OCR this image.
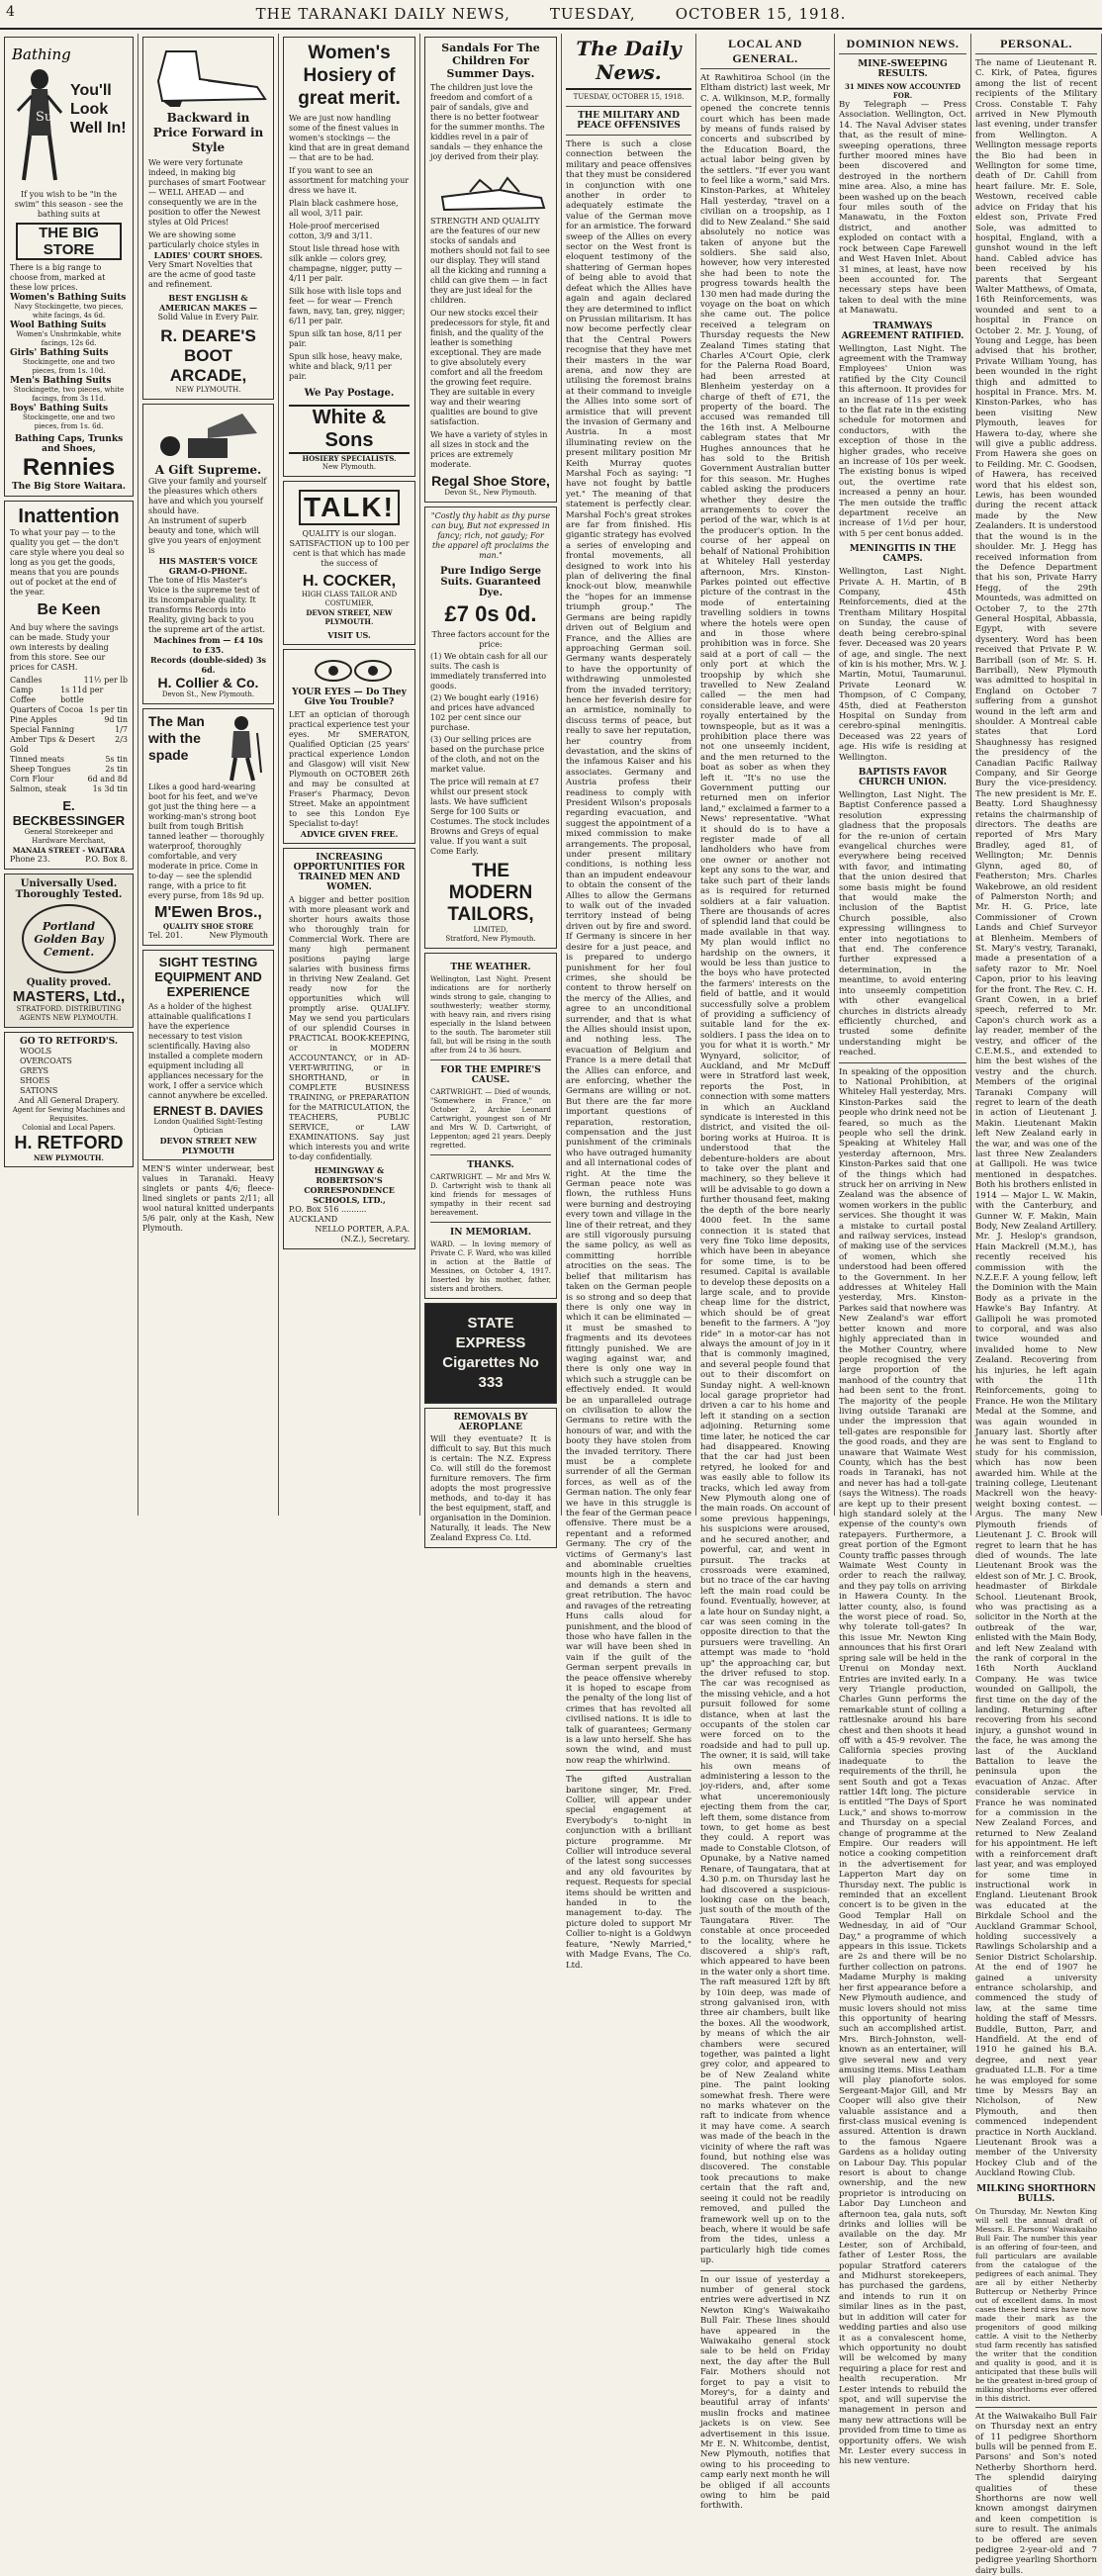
4	THE TARANAKI DAILY NEWS,	TUESDAY,	OCTOBER 15, 1918.
Bathing
Suits
You'll Look Well In!
If you wish to be "in the swim" this season - see the bathing suits at
THE BIG STORE
There is a big range to choose from, marked at these low prices.
Women's Bathing Suits
Navy Stockingette, two pieces, white facings, 4s 6d.
Wool Bathing Suits
Women's Unshrinkable, white facings, 12s 6d.
Girls' Bathing Suits
Stockingette, one and two pieces, from 1s. 10d.
Men's Bathing Suits
Stockingette, two pieces, white facings, from 3s 11d.
Boys' Bathing Suits
Stockingette, one and two pieces, from 1s. 6d.
Bathing Caps, Trunks and Shoes,
Rennies
The Big Store Waitara.
Inattention
To what your pay — to the quality you get — the don't care style where you deal so long as you get the goods, means that you are pounds out of pocket at the end of the year.
Be Keen
And buy where the savings can be made. Study your own interests by dealing from this store. See our prices for CASH.
Candles	11½ per lb
Camp Coffee
1s 11d per bottle
Quarters of Cocoa 1s per tin
Pine Apples	9d tin
Special Fanning	1/7
Amber Tips & Desert Gold
2/3
Tinned meats	5s tin
Sheep Tongues	2s tin
Corn Flour	6d and 8d
Salmon, steak	1s 3d tin
E. BECKBESSINGER
General Storekeeper and Hardware Merchant,
MANAIA STREET - WAITARA
Phone 23.	P.O. Box 8.
Universally Used. Thoroughly Tested.
Portland Golden Bay Cement.
Quality proved.
MASTERS, Ltd.,
STRATFORD. DISTRIBUTING AGENTS NEW PLYMOUTH.
GO TO RETFORD'S.
WOOLS
OVERCOATS
GREYS
SHOES
SATIONS
And All General Drapery.
Agent for Sewing Machines and Requisites.
Colonial and Local Papers.
H. RETFORD
NEW PLYMOUTH.
Backward in Price Forward in Style
We were very fortunate indeed, in making big purchases of smart Footwear — WELL AHEAD — and consequently we are in the position to offer the Newest styles at Old Prices!
We are showing some particularly choice styles in
LADIES' COURT SHOES.
Very Smart Novelties that are the acme of good taste and refinement.
BEST ENGLISH & AMERICAN MAKES —
Solid Value in Every Pair.
R. DEARE'S BOOT ARCADE,
NEW PLYMOUTH.
A Gift Supreme.
Give your family and yourself the pleasures which others have and which you yourself should have.
An instrument of superb beauty and tone, which will give you years of enjoyment is
HIS MASTER'S VOICE GRAM-O-PHONE.
The tone of His Master's Voice is the supreme test of its incomparable quality. It transforms Records into Reality, giving back to you the supreme art of the artist.
Machines from — £4 10s to £35.
Records (double-sided) 3s 6d.
H. Collier & Co.
Devon St., New Plymouth.
The Man with the spade
Likes a good hard-wearing boot for his feet, and we've got just the thing here — a working-man's strong boot built from tough British tanned leather — thoroughly waterproof, thoroughly comfortable, and very moderate in price. Come in to-day — see the splendid range, with a price to fit every purse, from 18s 9d up.
M'Ewen Bros.,
QUALITY SHOE STORE
Tel. 201.	New Plymouth
SIGHT TESTING EQUIPMENT AND EXPERIENCE
As a holder of the highest attainable qualifications I have the experience necessary to test vision scientifically. Having also installed a complete modern equipment including all appliances necessary for the work, I offer a service which cannot anywhere be excelled.
ERNEST B. DAVIES
London Qualified Sight-Testing Optician
DEVON STREET NEW PLYMOUTH
MEN'S winter underwear, best values in Taranaki. Heavy singlets or pants 4/6; fleece-lined singlets or pants 2/11; all wool natural knitted underpants 5/6 pair, only at the Kash, New Plymouth.
Women's Hosiery of great merit.
We are just now handling some of the finest values in women's stockings — the kind that are in great demand — that are to be had.
If you want to see an assortment for matching your dress we have it.
Plain black cashmere hose, all wool, 3/11 pair.
Hole-proof mercerised cotton, 3/9 and 3/11.
Stout lisle thread hose with silk ankle — colors grey, champagne, nigger, putty — 4/11 per pair.
Silk hose with lisle tops and feet — for wear — French fawn, navy, tan, grey, nigger; 6/11 per pair.
Spun silk tan hose, 8/11 per pair.
Spun silk hose, heavy make, white and black, 9/11 per pair.
We Pay Postage.
White & Sons
HOSIERY SPECIALISTS.
New Plymouth.
TALK!
QUALITY is our slogan. SATISFACTION up to 100 per cent is that which has made the success of
H. COCKER,
HIGH CLASS TAILOR AND COSTUMIER,
DEVON STREET, NEW PLYMOUTH.
VISIT US.
YOUR EYES — Do They Give You Trouble?
LET an optician of thorough practical experience test your eyes. Mr SMERATON, Qualified Optician (25 years' practical experience London and Glasgow) will visit New Plymouth on OCTOBER 26th and may be consulted at Fraser's Pharmacy, Devon Street. Make an appointment to see this London Eye Specialist to-day!
ADVICE GIVEN FREE.
INCREASING OPPORTUNITIES FOR TRAINED MEN AND WOMEN.
A bigger and better position with more pleasant work and shorter hours awaits those who thoroughly train for Commercial Work. There are many high permanent positions paying large salaries with business firms in thriving New Zealand. Get ready now for the opportunities which will promptly arise. QUALIFY. May we send you particulars of our splendid Courses in PRACTICAL BOOK-KEEPING, or in MODERN ACCOUNTANCY, or in AD-VERT-WRITING, or in SHORTHAND, or in COMPLETE BUSINESS TRAINING, or PREPARATION for the MATRICULATION, the TEACHERS, PUBLIC SERVICE, or LAW EXAMINATIONS. Say just which interests you and write to-day confidentially.
HEMINGWAY & ROBERTSON'S CORRESPONDENCE SCHOOLS, LTD.,
P.O. Box 516 .......... AUCKLAND
NELLO PORTER, A.P.A. (N.Z.), Secretary.
Sandals For The Children For Summer Days.
The children just love the freedom and comfort of a pair of sandals, give and there is no better footwear for the summer months. The kiddies revel in a pair of sandals — they enhance the joy derived from their play.
STRENGTH AND QUALITY are the features of our new stocks of sandals and mothers should not fail to see our display. They will stand all the kicking and running a child can give them — in fact they are just ideal for the children.
Our new stocks excel their predecessors for style, fit and finish, and the quality of the leather is something exceptional. They are made to give absolutely every comfort and all the freedom the growing feet require. They are suitable in every way and their wearing qualities are bound to give satisfaction.
We have a variety of styles in all sizes in stock and the prices are extremely moderate.
Regal Shoe Store,
Devon St., New Plymouth.
"Costly thy habit as thy purse can buy, But not expressed in fancy; rich, not gaudy; For the apparel oft proclaims the man."
Pure Indigo Serge Suits. Guaranteed Dye.
£7 0s 0d.
Three factors account for the price:
(1) We obtain cash for all our suits. The cash is immediately transferred into goods.
(2) We bought early (1916) and prices have advanced 102 per cent since our purchase.
(3) Our selling prices are based on the purchase price of the cloth, and not on the market value.
The price will remain at £7 whilst our present stock lasts. We have sufficient Serge for 100 Suits or Costumes. The stock includes Browns and Greys of equal value. If you want a suit Come Early.
THE MODERN TAILORS,
LIMITED,
Stratford, New Plymouth.
THE WEATHER.
Wellington, Last Night. Present indications are for northerly winds strong to gale, changing to southwesterly; weather stormy, with heavy rain, and rivers rising especially in the Island between to the south. The barometer still fall, but will be rising in the south after from 24 to 36 hours.
FOR THE EMPIRE'S CAUSE.
CARTWRIGHT. — Died of wounds, "Somewhere in France," on October 2, Archie Leonard Cartwright, youngest son of Mr and Mrs W. D. Cartwright, of Leppenton; aged 21 years. Deeply regretted.
THANKS.
CARTWRIGHT. — Mr and Mrs W. D. Cartwright wish to thank all kind friends for messages of sympathy in their recent sad bereavement.
IN MEMORIAM.
WARD. — In loving memory of Private C. F. Ward, who was killed in action at the Battle of Messines, on October 4, 1917. Inserted by his mother, father, sisters and brothers.
STATE EXPRESS Cigarettes No 333
REMOVALS BY AEROPLANE
Will they eventuate? It is difficult to say. But this much is certain: The N.Z. Express Co. will still do the foremost furniture removers. The firm adopts the most progressive methods, and to-day it has the best equipment, staff, and organisation in the Dominion. Naturally, it leads. The New Zealand Express Co. Ltd.
The Daily News.
TUESDAY, OCTOBER 15, 1918.
THE MILITARY AND PEACE OFFENSIVES
There is such a close connection between the military and peace offensives that they must be considered in conjunction with one another in order to adequately estimate the value of the German move for an armistice. The forward sweep of the Allies on every sector on the West front is eloquent testimony of the shattering of German hopes of being able to avoid that defeat which the Allies have again and again declared they are determined to inflict on Prussian militarism. It has now become perfectly clear that the Central Powers recognise that they have met their masters in the war arena, and now they are utilising the foremost brains at their command to inveigle the Allies into some sort of armistice that will prevent the invasion of Germany and Austria. In a most illuminating review on the present military position Mr Keith Murray quotes Marshal Foch as saying: "I have not fought by battle yet." The meaning of that statement is perfectly clear. Marshal Foch's great strokes are far from finished. His gigantic strategy has evolved a series of enveloping and frontal movements, all designed to work into his plan of delivering the final knock-out blow, meanwhile the "hopes for an immense triumph group." The Germans are being rapidly driven out of Belgium and France, and the Allies are approaching German soil. Germany wants desperately to have the opportunity of withdrawing unmolested from the invaded territory; hence her feverish desire for an armistice, nominally to discuss terms of peace, but really to save her reputation, her country from devastation, and the skins of the infamous Kaiser and his associates. Germany and Austria profess their readiness to comply with President Wilson's proposals regarding evacuation, and suggest the appointment of a mixed commission to make arrangements. The proposal, under present military conditions, is nothing less than an impudent endeavour to obtain the consent of the Allies to allow the Germans to walk out of the invaded territory instead of being driven out by fire and sword. If Germany is sincere in her desire for a just peace, and is prepared to undergo punishment for her foul crimes, she should be content to throw herself on the mercy of the Allies, and agree to an unconditional surrender, and that is what the Allies should insist upon, and nothing less. The evacuation of Belgium and France is a mere detail that the Allies can enforce, and are enforcing, whether the Germans are willing or not. But there are the far more important questions of reparation, restoration, compensation and the just punishment of the criminals who have outraged humanity and all international codes of right. At the time the German peace note was flown, the ruthless Huns were burning and destroying every town and village in the line of their retreat, and they are still vigorously pursuing the same policy, as well as committing horrible atrocities on the seas. The belief that militarism has taken on the German people is so strong and so deep that there is only one way in which it can be eliminated — it must be smashed to fragments and its devotees fittingly punished. We are waging against war, and there is only one way in which such a struggle can be effectively ended. It would be an unparalleled outrage on civilisation to allow the Germans to retire with the honours of war, and with the booty they have stolen from the invaded territory. There must be a complete surrender of all the German forces, as well as of the German nation. The only fear we have in this struggle is the fear of the German peace offensive. There must be a repentant and a reformed Germany. The cry of the victims of Germany's last and abominable cruelties mounts high in the heavens, and demands a stern and great retribution. The havoc and ravages of the retreating Huns calls aloud for punishment, and the blood of those who have fallen in the war will have been shed in vain if the guilt of the German serpent prevails in the peace offensive whereby it is hoped to escape from the penalty of the long list of crimes that has revolted all civilised nations. It is idle to talk of guarantees; Germany is a law unto herself. She has sown the wind, and must now reap the whirlwind.
The gifted Australian baritone singer, Mr. Fred. Collier, will appear under special engagement at Everybody's to-night in conjunction with a brilliant picture programme. Mr Collier will introduce several of the latest song successes and any old favourites by request. Requests for special items should be written and handed in to the management to-day. The picture doled to support Mr Collier to-night is a Goldwyn feature, "Newly Married," with Madge Evans, The Co. Ltd.
LOCAL AND GENERAL.
At Rawhitiroa School (in the Eltham district) last week, Mr C. A. Wilkinson, M.P., formally opened the concrete tennis court which has been made by means of funds raised by concerts and subscribed by the Education Board, the actual labor being given by the settlers. "If ever you want to feel like a worm," said Mrs. Kinston-Parkes, at Whiteley Hall yesterday, "travel on a civilian on a troopship, as I did to New Zealand." She said absolutely no notice was taken of anyone but the soldiers. She said also, however, how very interested she had been to note the progress towards health the 130 men had made during the voyage on the boat on which she came out. The police received a telegram on Thursday requests the New Zealand Times stating that Charles A'Court Opie, clerk for the Palerna Road Board, had been arrested at Blenheim yesterday on a charge of theft of £71, the property of the board. The accused was remanded till the 16th inst. A Melbourne cablegram states that Mr Hughes announces that he has sold to the British Government Australian butter for this season. Mr. Hughes cabled asking the producers whether they desire the arrangements to cover the period of the war, which is at the producer's option. In the course of her appeal on behalf of National Prohibition at Whiteley Hall yesterday afternoon, Mrs. Kinston-Parkes pointed out effective picture of the contrast in the mode of entertaining travelling soldiers in towns where the hotels were open and in those where prohibition was in force. She said at a port of call — the only port at which the troopship by which she travelled to New Zealand called — the men had considerable leave, and were royally entertained by the townspeople, but as it was a prohibition place there was not one unseemly incident, and the men returned to the boat as sober as when they left it. "It's no use the Government putting our returned men on inferior land," exclaimed a farmer to a News' representative. "What it should do is to have a register made of all landholders who have from one owner or another not kept any sons to the war, and take such part of their lands as is required for returned soldiers at a fair valuation. There are thousands of acres of splendid land that could be made available in that way. My plan would inflict no hardship on the owners, it would be less than justice to the boys who have protected the farmers' interests on the field of battle, and it would successfully solve a problem of providing a sufficiency of suitable land for the ex-soldiers. I pass the idea on to you for what it is worth." Mr Wynyard, solicitor, of Auckland, and Mr McDuff were in Stratford last week, reports the Post, in connection with some matters in which an Auckland syndicate is interested in this district, and visited the oil-boring works at Huiroa. It is understood that the debenture-holders are about to take over the plant and machinery, so they believe it will be advisable to go down a further thousand feet, making the depth of the bore nearly 4000 feet. In the same connection it is stated that very fine Toko lime deposits, which have been in abeyance for some time, is to be resumed. Capital is available to develop these deposits on a large scale, and to provide cheap lime for the district, which should be of great benefit to the farmers. A "joy ride" in a motor-car has not always the amount of joy in it that is commonly imagined, and several people found that out to their discomfort on Sunday night. A well-known local garage proprietor had driven a car to his home and left it standing on a section adjoining. Returning some time later, he noticed the car had disappeared. Knowing that the car had just been retyred, he looked for and was easily able to follow its tracks, which led away from New Plymouth along one of the main roads. On account of some previous happenings, his suspicions were aroused, and he secured another, and powerful, car, and went in pursuit. The tracks at crossroads were examined, but no trace of the car having left the main road could be found. Eventually, however, at a late hour on Sunday night, a car was seen coming in the opposite direction to that the pursuers were travelling. An attempt was made to "hold up" the approaching car, but the driver refused to stop. The car was recognised as the missing vehicle, and a hot pursuit followed for some distance, when at last the occupants of the stolen car were forced on to the roadside and had to pull up. The owner, it is said, will take his own means of administering a lesson to the joy-riders, and, after some what unceremoniously ejecting them from the car, left them, some distance from town, to get home as best they could. A report was made to Constable Clotson, of Opunake, by a Native named Renare, of Taungatara, that at 4.30 p.m. on Thursday last he had discovered a suspicious-looking case on the beach, just south of the mouth of the Taungatara River. The constable at once proceeded to the locality, where he discovered a ship's raft, which appeared to have been in the water only a short time. The raft measured 12ft by 8ft by 10in deep, was made of strong galvanised iron, with three air chambers, built like the boxes. All the woodwork, by means of which the air chambers were secured together, was painted a light grey color, and appeared to be of New Zealand white pine. The paint looking somewhat fresh. There were no marks whatever on the raft to indicate from whence it may have come. A search was made of the beach in the vicinity of where the raft was found, but nothing else was discovered. The constable took precautions to make certain that the raft and, seeing it could not be readily removed, and pulled the framework well up on to the beach, where it would be safe from the tides, unless a particularly high tide comes up.
In our issue of yesterday a number of general stock entries were advertised in NZ Newton King's Waiwakaiho Bull Fair. These lines should have appeared in the Waiwakaiho general stock sale to be held on Friday next, the day after the Bull Fair. Mothers should not forget to pay a visit to Morey's, for a dainty and beautiful array of infants' muslin frocks and matinee jackets is on view. See advertisement in this issue. Mr E. N. Whitcombe, dentist, New Plymouth, notifies that owing to his proceeding to camp early next month he will be obliged if all accounts owing to him be paid forthwith.
DOMINION NEWS.
MINE-SWEEPING RESULTS.
31 MINES NOW ACCOUNTED FOR.
By Telegraph — Press Association. Wellington, Oct. 14. The Naval Adviser states that, as the result of mine-sweeping operations, three further moored mines have been discovered and destroyed in the northern mine area. Also, a mine has been washed up on the beach four miles south of the Manawatu, in the Foxton district, and another exploded on contact with a rock between Cape Farewell and West Haven Inlet. About 31 mines, at least, have now been accounted for. The necessary steps have been taken to deal with the mine at Manawatu.
TRAMWAYS AGREEMENT RATIFIED.
Wellington, Last Night. The agreement with the Tramway Employees' Union was ratified by the City Council this afternoon. It provides for an increase of 11s per week to the flat rate in the existing schedule for motormen and conductors, with the exception of those in the higher grades, who receive an increase of 10s per week. The existing bonus is wiped out, the overtime rate increased a penny an hour. The men outside the traffic department receive an increase of 1½d per hour, with 5 per cent bonus added.
MENINGITIS IN THE CAMPS.
Wellington, Last Night. Private A. H. Martin, of B Company, 45th Reinforcements, died at the Trentham Military Hospital on Sunday, the cause of death being cerebro-spinal fever. Deceased was 20 years of age, and single. The next of kin is his mother, Mrs. W. J. Martin, Motui, Taumarunui. Private Leonard W. Thompson, of C Company, 45th, died at Featherston Hospital on Sunday from cerebro-spinal meningitis. Deceased was 22 years of age. His wife is residing at Wellington.
BAPTISTS FAVOR CHURCH UNION.
Wellington, Last Night. The Baptist Conference passed a resolution expressing gladness that the proposals for the re-union of certain evangelical churches were everywhere being received with favor, and intimating that the union desired that some basis might be found that would make the inclusion of the Baptist Church possible, also expressing willingness to enter into negotiations to that end. The conference further expressed a determination, in the meantime, to avoid entering into unseemly competition with other evangelical churches in districts already efficiently churched, and trusted some definite understanding might be reached.
In speaking of the opposition to National Prohibition, at Whiteley Hall yesterday, Mrs. Kinston-Parkes said the people who drink need not be feared, so much as the people who sell the drink. Speaking at Whiteley Hall yesterday afternoon, Mrs. Kinston-Parkes said that one of the things which had struck her on arriving in New Zealand was the absence of women workers in the public services. She thought it was a mistake to curtail postal and railway services, instead of making use of the services of women, which she understood had been offered to the Government. In her addresses at Whiteley Hall yesterday, Mrs. Kinston-Parkes said that nowhere was New Zealand's war effort better known and more highly appreciated than in the Mother Country, where people recognised the very large proportion of the manhood of the country that had been sent to the front. The majority of the people living outside Taranaki are under the impression that tell-gates are responsible for the good roads, and they are unaware that Waimate West County, which has the best roads in Taranaki, has not and never has had a toll-gate (says the Witness). The roads are kept up to their present high standard solely at the expense of the county's own ratepayers. Furthermore, a great portion of the Egmont County traffic passes through Waimate West County in order to reach the railway, and they pay tolls on arriving in Hawera County. In the latter county, also, is found the worst piece of road. So, why tolerate toll-gates? In this issue Mr. Newton King announces that his first Orari spring sale will be held in the Urenui on Monday next. Entries are invited early. In a very Triangle production, Charles Gunn performs the remarkable stunt of colling a rattlesnake around his bare chest and then shoots it head off with a 45-9 revolver. The California species proving inadequate to the requirements of the thrill, he sent South and got a Texas rattler 14ft long. The picture is entitled "The Days of Sport Luck," and shows to-morrow and Thursday on a special change of programme at the Empire. Our readers will notice a cooking competition in the advertisement for Lapperton Mart day on Thursday next. The public is reminded that an excellent concert is to be given in the Good Templar Hall on Wednesday, in aid of "Our Day," a programme of which appears in this issue. Tickets are 2s and there will be no further collection on patrons. Madame Murphy is making her first appearance before a New Plymouth audience, and music lovers should not miss this opportunity of hearing such an accomplished artist. Mrs. Birch-Johnston, well-known as an entertainer, will give several new and very amusing items. Miss Leatham will play pianoforte solos. Sergeant-Major Gill, and Mr Cooper will also give their valuable assistance and a first-class musical evening is assured. Attention is drawn to the famous Ngaere Gardens as a holiday outing on Labour Day. This popular resort is about to change ownership, and the new proprietor is introducing on Labor Day Luncheon and afternoon tea, gala nuts, soft drinks and lollies will be available on the day. Mr Lester, son of Archibald, father of Lester Ross, the popular Stratford caterers and Midhurst storekeepers, has purchased the gardens, and intends to run it on similar lines as in the past, but in addition will cater for wedding parties and also use it as a convalescent home, which opportunity no doubt will be welcomed by many requiring a place for rest and health recuperation. Mr Lester intends to rebuild the spot, and will supervise the management in person and many new attractions will be provided from time to time as opportunity offers. We wish Mr. Lester every success in his new venture.
PERSONAL.
The name of Lieutenant R. C. Kirk, of Patea, figures among the list of recent recipients of the Military Cross. Constable T. Fahy arrived in New Plymouth last evening, under transfer from Wellington. A Wellington message reports the Bio had been in Wellington for some time, death of Dr. Cahill from heart failure. Mr. E. Sole, Westown, received cable advice on Friday that his eldest son, Private Fred Sole, was admitted to hospital, England, with a gunshot wound in the left hand. Cabled advice has been received by his parents that Sergeant Walter Matthews, of Omata, 16th Reinforcements, was wounded and sent to a hospital in France on October 2. Mr. J. Young, of Young and Legge, has been advised that his brother, Private William Young, has been wounded in the right thigh and admitted to hospital in France. Mrs. M. Kinston-Parkes, who has been visiting New Plymouth, leaves for Hawera to-day, where she will give a public address. From Hawera she goes on to Feilding. Mr. C. Goodsen, of Hawera, has received word that his eldest son, Lewis, has been wounded during the recent attack made by the New Zealanders. It is understood that the wound is in the shoulder. Mr. J. Hegg has received information from the Defence Department that his son, Private Harry Hegg, of the 29th Mounteds, was admitted on October 7, to the 27th General Hospital, Abbassia, Egypt, with severe dysentery. Word has been received that Private P. W. Barriball (son of Mr. S. H. Barriball), New Plymouth was admitted to hospital in England on October 7 suffering from a gunshot wound in the left arm and shoulder. A Montreal cable states that Lord Shaughnessy has resigned the presidency of the Canadian Pacific Railway Company, and Sir George Bury the vice-presidency. The new president is Mr. E. Beatty. Lord Shaughnessy retains the chairmanship of directors. The deaths are reported of Mrs Mary Bradley, aged 81, of Wellington; Mr. Dennis Glynn, aged 80, of Featherston; Mrs. Charles Wakebrowe, an old resident of Palmerston North; and Mr. H. G. Price, late Commissioner of Crown Lands and Chief Surveyor at Blenheim. Members of St. Mary's vestry, Taranaki, made a presentation of a safety razor to Mr. Noel Capon, prior to his leaving for the front. The Rev. C. H. Grant Cowen, in a brief speech, referred to Mr. Capon's church work as a lay reader, member of the vestry, and officer of the C.E.M.S., and extended to him the best wishes of the vestry and the church. Members of the original Taranaki Company will regret to learn of the death in action of Lieutenant J. Makin. Lieutenant Makin left New Zealand early in the war, and was one of the last three New Zealanders at Gallipoli. He was twice mentioned in despatches. Both his brothers enlisted in 1914 — Major L. W. Makin, with the Canterbury, and Gunner W. F. Makin, Main Body, New Zealand Artillery. Mr. J. Heslop's grandson, Hain Mackrell (M.M.), has recently received his commission with the N.Z.E.F. A young fellow, left the Dominion with the Main Body as a private in the Hawke's Bay Infantry. At Gallipoli he was promoted to corporal, and was also twice wounded and invalided home to New Zealand. Recovering from his injuries, he left again with the 11th Reinforcements, going to France. He won the Military Medal at the Somme, and was again wounded in January last. Shortly after he was sent to England to study for his commission, which has now been awarded him. While at the training college, Lieutenant Mackrell won the heavy-weight boxing contest. — Argus. The many New Plymouth friends of Lieutenant J. C. Brook will regret to learn that he has died of wounds. The late Lieutenant Brook was the eldest son of Mr. J. C. Brook, headmaster of Birkdale School. Lieutenant Brook, who was practising as a solicitor in the North at the outbreak of the war, enlisted with the Main Body, and left New Zealand with the rank of corporal in the 16th North Auckland Company. He was twice wounded on Gallipoli, the first time on the day of the landing. Returning after recovering from his second injury, a gunshot wound in the face, he was among the last of the Auckland Battalion to leave the peninsula upon the evacuation of Anzac. After considerable service in France he was nominated for a commission in the New Zealand Forces, and returned to New Zealand for his appointment. He left with a reinforcement draft last year, and was employed for some time in instructional work in England. Lieutenant Brook was educated at the Birkdale School and the Auckland Grammar School, holding successively a Rawlings Scholarship and a Senior District Scholarship. At the end of 1907 he gained a university entrance scholarship, and commenced the study of law, at the same time holding the staff of Messrs. Buddle, Button, Parr, and Handfield. At the end of 1910 he gained his B.A. degree, and next year graduated LL.B. For a time he was employed for some time by Messrs Bay an Nicholson, of New Plymouth, and then commenced independent practice in North Auckland. Lieutenant Brook was a member of the University Hockey Club and of the Auckland Rowing Club.
MILKING SHORTHORN BULLS.
On Thursday, Mr. Newton King will sell the annual draft of Messrs. E. Parsons' Waiwakaiho Bull Fair. The number this year is an offering of four-teen, and full particulars are available from the catalogue of the pedigrees of each animal. They are all by either Netherby Buttercup or Netherby Prince out of excellent dams. In most cases these herd sires have now made their mark as the progenitors of good milking cattle. A visit to the Netherby stud farm recently has satisfied the writer that the condition and quality is good, and it is anticipated that these bulls will be the greatest in-bred group of milking shorthorns ever offered in this district.
At the Waiwakaiho Bull Fair on Thursday next an entry of 11 pedigree Shorthorn bulls will be penned from E. Parsons' and Son's noted Netherby Shorthorn herd. The splendid dairying qualities of these Shorthorns are now well known amongst dairymen and keen competition is sure to result. The animals to be offered are seven pedigree 2-year-old and 7 pedigree yearling Shorthorn dairy bulls.
